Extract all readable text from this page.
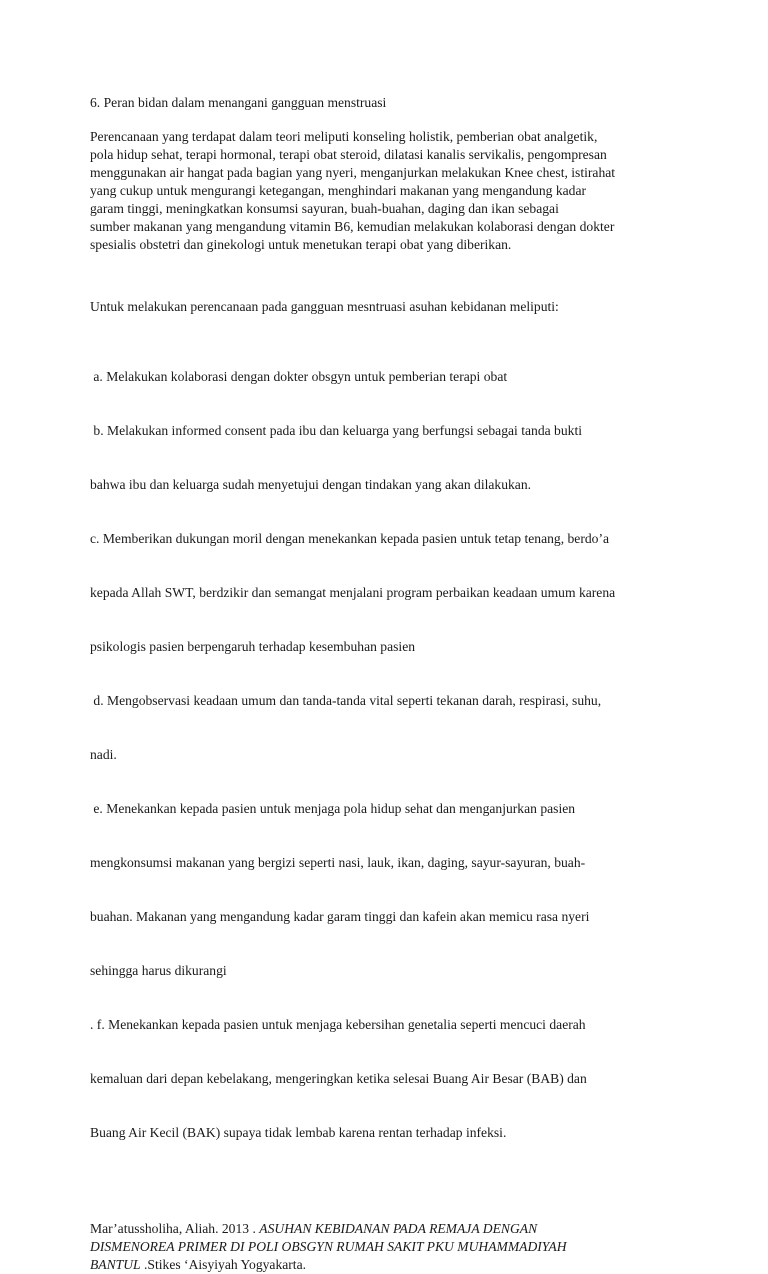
6. Peran bidan dalam menangani gangguan menstruasi
Perencanaan yang terdapat dalam teori meliputi konseling holistik, pemberian obat analgetik,
pola hidup sehat, terapi hormonal, terapi obat steroid, dilatasi kanalis servikalis, pengompresan
menggunakan air hangat pada bagian yang nyeri, menganjurkan melakukan Knee chest, istirahat
yang cukup untuk mengurangi ketegangan, menghindari makanan yang mengandung kadar
garam tinggi, meningkatkan konsumsi sayuran, buah-buahan, daging dan ikan sebagai
sumber makanan yang mengandung vitamin B6, kemudian melakukan kolaborasi dengan dokter
spesialis obstetri dan ginekologi untuk menetukan terapi obat yang diberikan.
Untuk melakukan perencanaan pada gangguan mesntruasi asuhan kebidanan meliputi:

a. Melakukan kolaborasi dengan dokter obsgyn untuk pemberian terapi obat

b. Melakukan informed consent pada ibu dan keluarga yang berfungsi sebagai tanda bukti

bahwa ibu dan keluarga sudah menyetujui dengan tindakan yang akan dilakukan.

c. Memberikan dukungan moril dengan menekankan kepada pasien untuk tetap tenang, berdo’a

kepada Allah SWT, berdzikir dan semangat menjalani program perbaikan keadaan umum karena

psikologis pasien berpengaruh terhadap kesembuhan pasien

d. Mengobservasi keadaan umum dan tanda-tanda vital seperti tekanan darah, respirasi, suhu,

nadi.

e. Menekankan kepada pasien untuk menjaga pola hidup sehat dan menganjurkan pasien

mengkonsumsi makanan yang bergizi seperti nasi, lauk, ikan, daging, sayur-sayuran, buah-

buahan. Makanan yang mengandung kadar garam tinggi dan kafein akan memicu rasa nyeri

sehingga harus dikurangi

. f. Menekankan kepada pasien untuk menjaga kebersihan genetalia seperti mencuci daerah

kemaluan dari depan kebelakang, mengeringkan ketika selesai Buang Air Besar (BAB) dan

Buang Air Kecil (BAK) supaya tidak lembab karena rentan terhadap infeksi.

Mar’atussholiha, Aliah. 2013 . ASUHAN KEBIDANAN PADA REMAJA DENGAN
DISMENOREA PRIMER DI POLI OBSGYN RUMAH SAKIT PKU MUHAMMADIYAH
BANTUL .Stikes ‘Aisyiyah Yogyakarta.
